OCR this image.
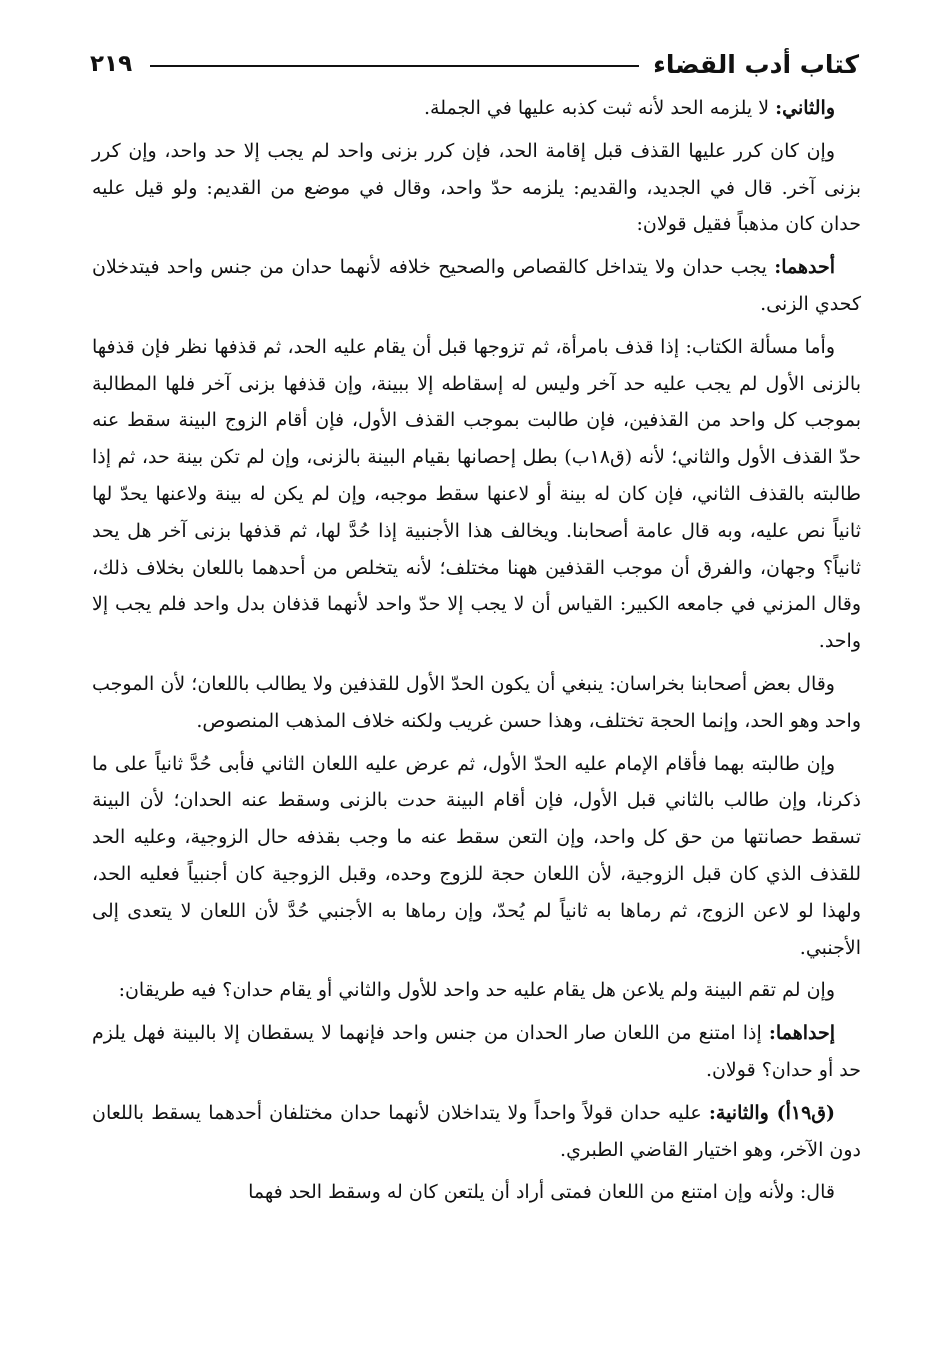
كتاب أدب القضاء
٢١٩

والثاني: لا يلزمه الحد لأنه ثبت كذبه عليها في الجملة.

وإن كان كرر عليها القذف قبل إقامة الحد، فإن كرر بزنى واحد لم يجب إلا حد واحد، وإن كرر بزنى آخر. قال في الجديد، والقديم: يلزمه حدّ واحد، وقال في موضع من القديم: ولو قيل عليه حدان كان مذهباً فقيل قولان:

أحدهما: يجب حدان ولا يتداخل كالقصاص والصحيح خلافه لأنهما حدان من جنس واحد فيتدخلان كحدي الزنى.

وأما مسألة الكتاب: إذا قذف بامرأة، ثم تزوجها قبل أن يقام عليه الحد، ثم قذفها نظر فإن قذفها بالزنى الأول لم يجب عليه حد آخر وليس له إسقاطه إلا ببينة، وإن قذفها بزنى آخر فلها المطالبة بموجب كل واحد من القذفين، فإن طالبت بموجب القذف الأول، فإن أقام الزوج البينة سقط عنه حدّ القذف الأول والثاني؛ لأنه (ق١٨ب) بطل إحصانها بقيام البينة بالزنى، وإن لم تكن بينة حد، ثم إذا طالبته بالقذف الثاني، فإن كان له بينة أو لاعنها سقط موجبه، وإن لم يكن له بينة ولاعنها يحدّ لها ثانياً نص عليه، وبه قال عامة أصحابنا. ويخالف هذا الأجنبية إذا حُدَّ لها، ثم قذفها بزنى آخر هل يحد ثانياً؟ وجهان، والفرق أن موجب القذفين ههنا مختلف؛ لأنه يتخلص من أحدهما باللعان بخلاف ذلك، وقال المزني في جامعه الكبير: القياس أن لا يجب إلا حدّ واحد لأنهما قذفان بدل واحد فلم يجب إلا واحد.

وقال بعض أصحابنا بخراسان: ينبغي أن يكون الحدّ الأول للقذفين ولا يطالب باللعان؛ لأن الموجب واحد وهو الحد، وإنما الحجة تختلف، وهذا حسن غريب ولكنه خلاف المذهب المنصوص.

وإن طالبته بهما فأقام الإمام عليه الحدّ الأول، ثم عرض عليه اللعان الثاني فأبى حُدَّ ثانياً على ما ذكرنا، وإن طالب بالثاني قبل الأول، فإن أقام البينة حدت بالزنى وسقط عنه الحدان؛ لأن البينة تسقط حصانتها من حق كل واحد، وإن التعن سقط عنه ما وجب بقذفه حال الزوجية، وعليه الحد للقذف الذي كان قبل الزوجية، لأن اللعان حجة للزوج وحده، وقبل الزوجية كان أجنبياً فعليه الحد، ولهذا لو لاعن الزوج، ثم رماها به ثانياً لم يُحدّ، وإن رماها به الأجنبي حُدَّ لأن اللعان لا يتعدى إلى الأجنبي.

وإن لم تقم البينة ولم يلاعن هل يقام عليه حد واحد للأول والثاني أو يقام حدان؟ فيه طريقان:

إحداهما: إذا امتنع من اللعان صار الحدان من جنس واحد فإنهما لا يسقطان إلا بالبينة فهل يلزم حد أو حدان؟ قولان.

(ق١٩أ) والثانية: عليه حدان قولاً واحداً ولا يتداخلان لأنهما حدان مختلفان أحدهما يسقط باللعان دون الآخر، وهو اختيار القاضي الطبري.

قال: ولأنه وإن امتنع من اللعان فمتى أراد أن يلتعن كان له وسقط الحد فهما
